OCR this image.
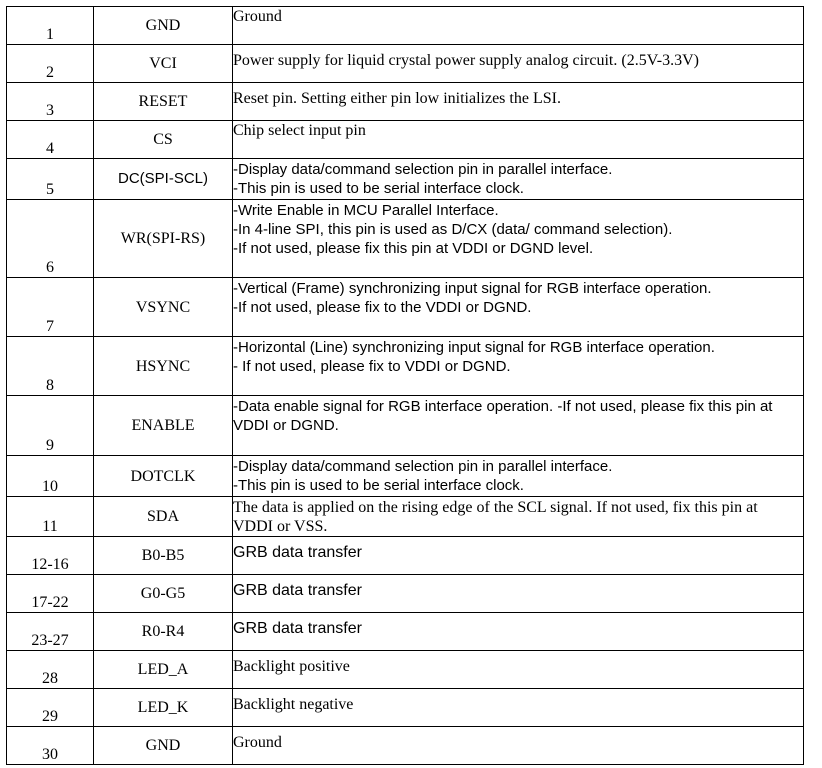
1	GND	Ground

2	VCI	Power supply for liquid crystal power supply analog circuit. (2.5V-3.3V)

3	RESET	Reset pin. Setting either pin low initializes the LSI.

4	CS	Chip select input pin

5	DC(SPI-SCL)	-Display data/command selection pin in parallel interface.
-This pin is used to be serial interface clock.

6	WR(SPI-RS)	-Write Enable in MCU Parallel Interface.
-In 4-line SPI, this pin is used as D/CX (data/ command selection).
-If not used, please fix this pin at VDDI or DGND level.

7	VSYNC	-Vertical (Frame) synchronizing input signal for RGB interface operation.
-If not used, please fix to the VDDI or DGND.

8	HSYNC	-Horizontal (Line) synchronizing input signal for RGB interface operation.
- If not used, please fix to VDDI or DGND.

9	ENABLE	-Data enable signal for RGB interface operation. -If not used, please fix this pin at VDDI or DGND.

10	DOTCLK	-Display data/command selection pin in parallel interface.
-This pin is used to be serial interface clock.

11	SDA	The data is applied on the rising edge of the SCL signal. If not used, fix this pin at VDDI or VSS.

12-16	B0-B5	GRB data transfer

17-22	G0-G5	GRB data transfer

23-27	R0-R4	GRB data transfer

28	LED_A	Backlight positive

29	LED_K	Backlight negative

30	GND	Ground
